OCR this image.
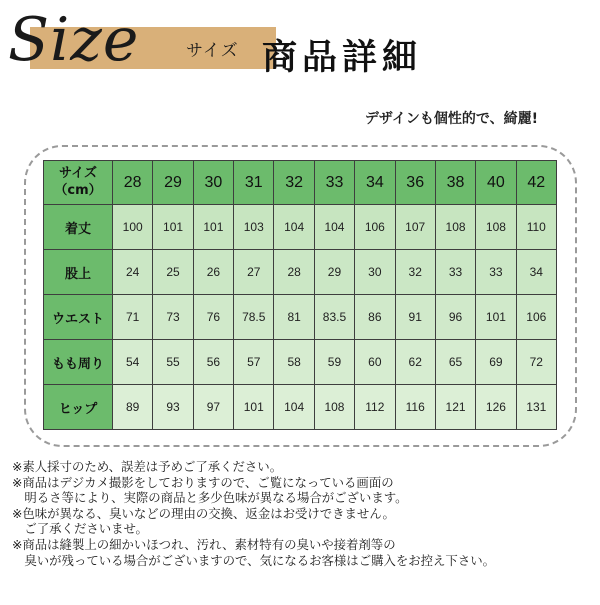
Size	サイズ 商品詳細
デザインも個性的で、綺麗!
サイズ
（cm）	28	29	30	31	32	33	34	36	38	40	42
着丈	100	101	101	103	104	104	106	107	108	108	110
股上	24	25	26	27	28	29	30	32	33	33	34
ウエスト	71	73	76	78.5	81	83.5	86	91	96	101	106
もも周り	54	55	56	57	58	59	60	62	65	69	72
ヒップ	89	93	97	101	104	108	112	116	121	126	131
※素人採寸のため、誤差は予めご了承ください。
※商品はデジカメ撮影をしておりますので、ご覧になっている画面の
　明るさ等により、実際の商品と多少色味が異なる場合がございます。
※色味が異なる、臭いなどの理由の交換、返金はお受けできません。
　ご了承くださいませ。
※商品は縫製上の細かいほつれ、汚れ、素材特有の臭いや接着剤等の
　臭いが残っている場合がございますので、気になるお客様はご購入をお控え下さい。
